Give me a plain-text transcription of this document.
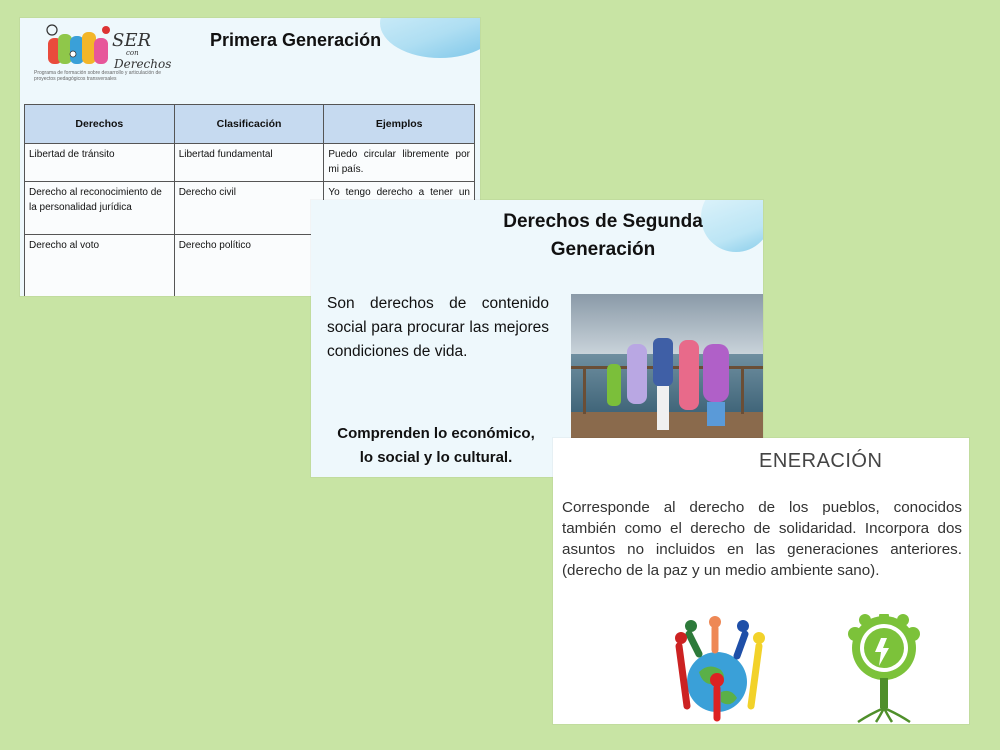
SER
con
Derechos
Programa de formación sobre desarrollo y articulación de proyectos pedagógicos transversales
Primera Generación
Derechos	Clasificación	Ejemplos
Libertad de tránsito	Libertad fundamental	Puedo circular libremente por mi país.
Derecho al reconocimiento de la personalidad jurídica	Derecho civil	Yo tengo derecho a tener un
Derecho al voto	Derecho político	
Derechos de Segunda
Generación
Son derechos de contenido social para procurar las mejores condiciones de vida.
Comprenden lo económico,
lo social y lo cultural.	ENERACIÓN
Corresponde al derecho de los pueblos, conocidos también como el derecho de solidaridad. Incorpora dos asuntos no incluidos en las generaciones anteriores. (derecho de la paz y un medio ambiente sano).
